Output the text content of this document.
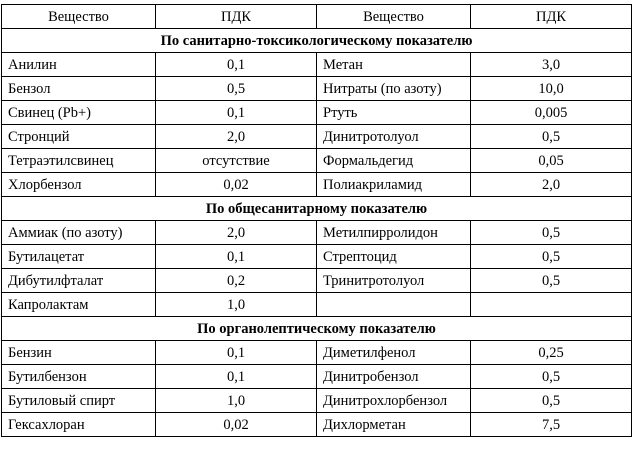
Вещество	ПДК	Вещество	ПДК
По санитарно-токсикологическому показателю			
Анилин	0,1	Метан	3,0
Бензол	0,5	Нитраты (по азоту)	10,0
Свинец (Pb+)	0,1	Ртуть	0,005
Стронций	2,0	Динитротолуол	0,5
Тетраэтилсвинец	отсутствие	Формальдегид	0,05
Хлорбензол	0,02	Полиакриламид	2,0
По общесанитарному показателю			
Аммиак (по азоту)	2,0	Метилпирролидон	0,5
Бутилацетат	0,1	Стрептоцид	0,5
Дибутилфталат	0,2	Тринитротолуол	0,5
Капролактам	1,0		
По органолептическому показателю			
Бензин	0,1	Диметилфенол	0,25
Бутилбензон	0,1	Динитробензол	0,5
Бутиловый спирт	1,0	Динитрохлорбензол	0,5
Гексахлоран	0,02	Дихлорметан	7,5
